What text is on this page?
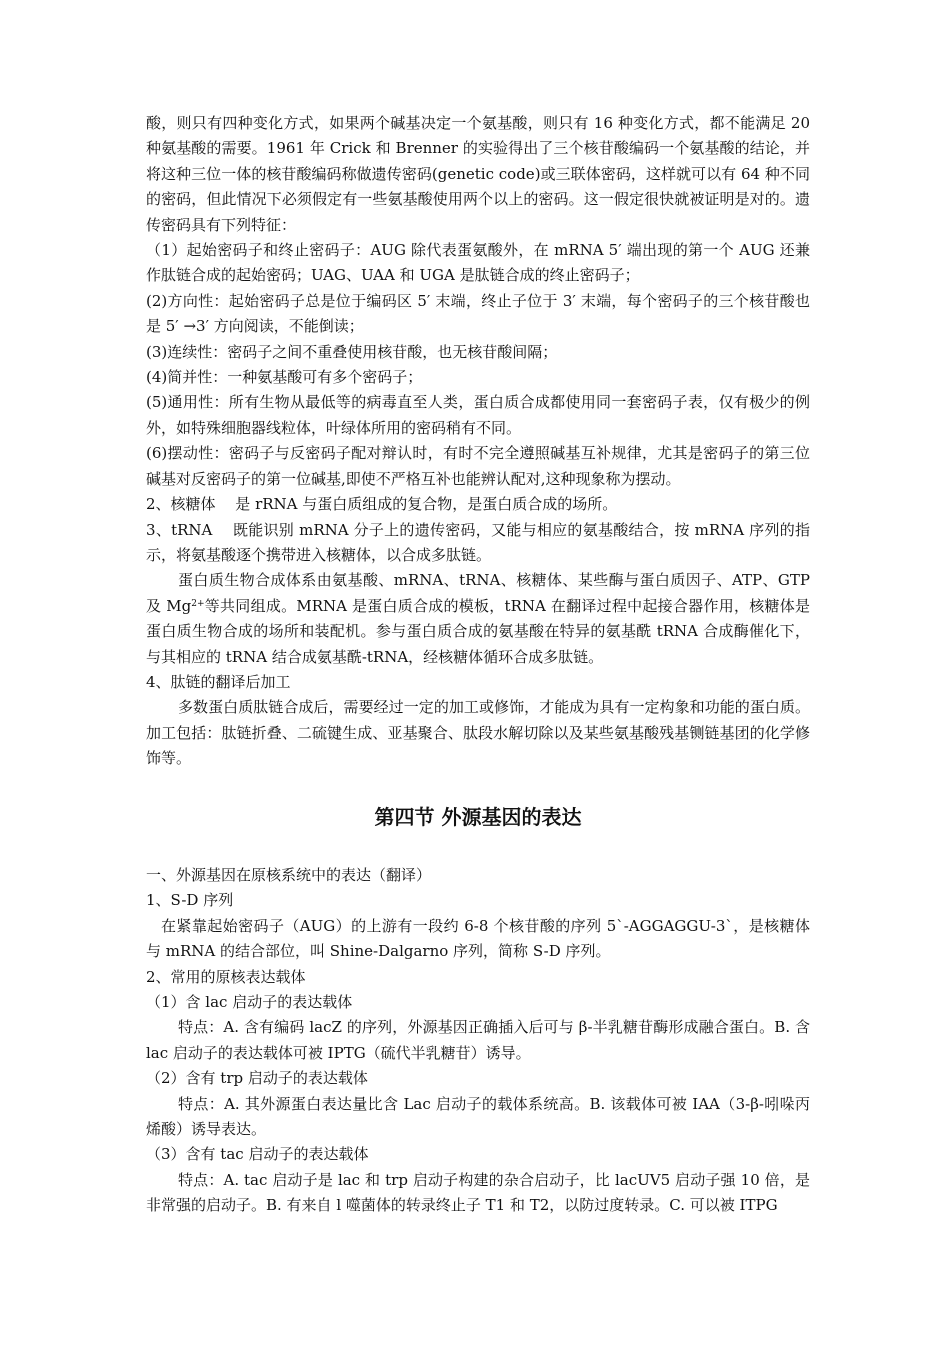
酸，则只有四种变化方式，如果两个碱基决定一个氨基酸，则只有 16 种变化方式，都不能满足 20 种氨基酸的需要。1961 年 Crick 和 Brenner 的实验得出了三个核苷酸编码一个氨基酸的结论，并将这种三位一体的核苷酸编码称做遗传密码(genetic code)或三联体密码，这样就可以有 64 种不同的密码，但此情况下必须假定有一些氨基酸使用两个以上的密码。这一假定很快就被证明是对的。遗传密码具有下列特征：

（1）起始密码子和终止密码子：AUG 除代表蛋氨酸外，在 mRNA 5′ 端出现的第一个 AUG 还兼作肽链合成的起始密码；UAG、UAA 和 UGA 是肽链合成的终止密码子；

(2)方向性：起始密码子总是位于编码区 5′ 末端，终止子位于 3′ 末端，每个密码子的三个核苷酸也是 5′ →3′ 方向阅读，不能倒读；

(3)连续性：密码子之间不重叠使用核苷酸，也无核苷酸间隔；

(4)简并性：一种氨基酸可有多个密码子；

(5)通用性：所有生物从最低等的病毒直至人类，蛋白质合成都使用同一套密码子表，仅有极少的例外，如特殊细胞器线粒体，叶绿体所用的密码稍有不同。

(6)摆动性：密码子与反密码子配对辩认时，有时不完全遵照碱基互补规律，尤其是密码子的第三位碱基对反密码子的第一位碱基,即使不严格互补也能辨认配对,这种现象称为摆动。

2、核糖体　 是 rRNA 与蛋白质组成的复合物，是蛋白质合成的场所。

3、tRNA　 既能识别 mRNA 分子上的遗传密码，又能与相应的氨基酸结合，按 mRNA 序列的指示，将氨基酸逐个携带进入核糖体，以合成多肽链。

蛋白质生物合成体系由氨基酸、mRNA、tRNA、核糖体、某些酶与蛋白质因子、ATP、GTP 及 $Mg^{2+}$等共同组成。MRNA 是蛋白质合成的模板，tRNA 在翻译过程中起接合器作用，核糖体是蛋白质生物合成的场所和装配机。参与蛋白质合成的氨基酸在特异的氨基酰 tRNA 合成酶催化下，与其相应的 tRNA 结合成氨基酰-tRNA，经核糖体循环合成多肽链。

4、肽链的翻译后加工

多数蛋白质肽链合成后，需要经过一定的加工或修饰，才能成为具有一定构象和功能的蛋白质。加工包括：肽链折叠、二硫键生成、亚基聚合、肽段水解切除以及某些氨基酸残基铡链基团的化学修饰等。

第四节 外源基因的表达

一、外源基因在原核系统中的表达（翻译）

1、S-D 序列

在紧靠起始密码子（AUG）的上游有一段约 6-8 个核苷酸的序列 5`-AGGAGGU-3`，是核糖体与 mRNA 的结合部位，叫 Shine-Dalgarno 序列，简称 S-D 序列。

2、常用的原核表达载体

（1）含 lac 启动子的表达载体

特点：A. 含有编码 lacZ 的序列，外源基因正确插入后可与 β-半乳糖苷酶形成融合蛋白。B. 含 lac 启动子的表达载体可被 IPTG（硫代半乳糖苷）诱导。

（2）含有 trp 启动子的表达载体

特点：A. 其外源蛋白表达量比含 Lac 启动子的载体系统高。B. 该载体可被 IAA（3-β-吲哚丙烯酸）诱导表达。

（3）含有 tac 启动子的表达载体

特点：A. tac 启动子是 lac 和 trp 启动子构建的杂合启动子，比 lacUV5 启动子强 10 倍，是非常强的启动子。B. 有来自 l 噬菌体的转录终止子 T1 和 T2，以防过度转录。C. 可以被 ITPG
